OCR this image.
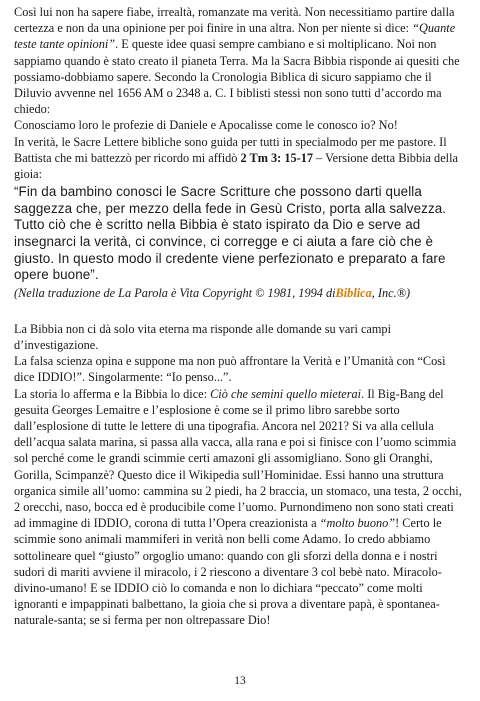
Così lui non ha sapere fiabe, irrealtà, romanzate ma verità. Non necessitiamo partire dalla certezza e non da una opinione per poi finire in una altra. Non per niente si dice: “Quante teste tante opinioni”. E queste idee quasi sempre cambiano e si moltiplicano. Noi non sappiamo quando è stato creato il pianeta Terra. Ma la Sacra Bibbia risponde ai quesiti che possiamo-dobbiamo sapere. Secondo la Cronologia Biblica di sicuro sappiamo che il Diluvio avvenne nel 1656 AM o 2348 a. C. I biblisti stessi non sono tutti d’accordo ma chiedo:

Conosciamo loro le profezie di Daniele e Apocalisse come le conosco io? No!

In verità, le Sacre Lettere bibliche sono guida per tutti in specialmodo per me pastore. Il Battista che mi battezzò per ricordo mi affidò 2 Tm 3: 15-17 – Versione detta Bibbia della gioia:

“Fin da bambino conosci le Sacre Scritture che possono darti quella saggezza che, per mezzo della fede in Gesù Cristo, porta alla salvezza. Tutto ciò che è scritto nella Bibbia è stato ispirato da Dio e serve ad insegnarci la verità, ci convince, ci corregge e ci aiuta a fare ciò che è giusto. In questo modo il credente viene perfezionato e preparato a fare opere buone”.

(Nella traduzione de La Parola è Vita Copyright © 1981, 1994 diBiblica, Inc.®)

La Bibbia non ci dà solo vita eterna ma risponde alle domande su vari campi d’investigazione.

La falsa scienza opina e suppone ma non può affrontare la Verità e l’Umanità con “Così dice IDDIO!”. Singolarmente: “Io penso...”.

La storia lo afferma e la Bibbia lo dice: Ciò che semini quello mieterai. Il Big-Bang del gesuita Georges Lemaitre e l’esplosione è come se il primo libro sarebbe sorto dall’esplosione di tutte le lettere di una tipografia. Ancora nel 2021? Si va alla cellula dell’acqua salata marina, si passa alla vacca, alla rana e poi si finisce con l’uomo scimmia sol perché come le grandi scimmie certi amazoni gli assomigliano. Sono gli Oranghi, Gorilla, Scimpanzè? Questo dice il Wikipedia sull’Hominidae. Essi hanno una struttura organica simile all’uomo: cammina su 2 piedi, ha 2 braccia, un stomaco, una testa, 2 occhi, 2 orecchi, naso, bocca ed è producibile come l’uomo. Purnondimeno non sono stati creati ad immagine di IDDIO, corona di tutta l’Opera creazionista a “molto buono”! Certo le scimmie sono animali mammiferi in verità non belli come Adamo. Io credo abbiamo sottolineare quel “giusto” orgoglio umano: quando con gli sforzi della donna e i nostri sudori di mariti avviene il miracolo, i 2 riescono a diventare 3 col bebè nato. Miracolo-divino-umano! E se IDDIO ciò lo comanda e non lo dichiara “peccato” come molti ignoranti e impappinati balbettano, la gioia che si prova a diventare papà, è spontanea-naturale-santa; se si ferma per non oltrepassare Dio!

13
